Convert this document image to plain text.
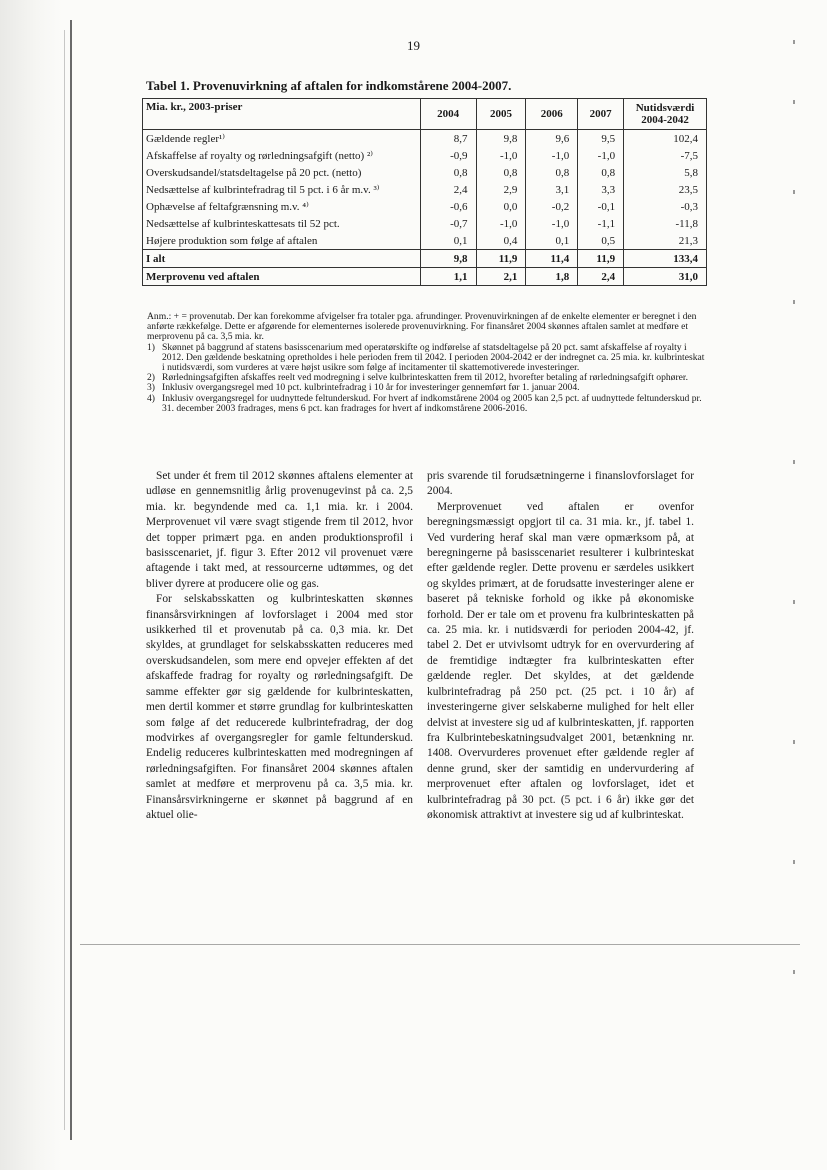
19
Tabel 1. Provenuvirkning af aftalen for indkomstårene 2004-2007.
Mia. kr., 2003-priser	2004	2005	2006	2007	Nutidsværdi 2004-2042
Gældende regler¹⁾	8,7	9,8	9,6	9,5	102,4
Afskaffelse af royalty og rørledningsafgift (netto) ²⁾	-0,9	-1,0	-1,0	-1,0	-7,5
Overskudsandel/statsdeltagelse på 20 pct. (netto)	0,8	0,8	0,8	0,8	5,8
Nedsættelse af kulbrintefradrag til 5 pct. i 6 år m.v. ³⁾	2,4	2,9	3,1	3,3	23,5
Ophævelse af feltafgrænsning m.v. ⁴⁾	-0,6	0,0	-0,2	-0,1	-0,3
Nedsættelse af kulbrinteskattesats til 52 pct.	-0,7	-1,0	-1,0	-1,1	-11,8
Højere produktion som følge af aftalen	0,1	0,4	0,1	0,5	21,3
I alt	9,8	11,9	11,4	11,9	133,4
Merprovenu ved aftalen	1,1	2,1	1,8	2,4	31,0

Anm.: + = provenutab. Der kan forekomme afvigelser fra totaler pga. afrundinger. Provenuvirkningen af de enkelte elementer er beregnet i den anførte rækkefølge. Dette er afgørende for elementernes isolerede provenuvirkning. For finansåret 2004 skønnes aftalen samlet at medføre et merprovenu på ca. 3,5 mia. kr.

1) Skønnet på baggrund af statens basisscenarium med operatørskifte og indførelse af statsdeltagelse på 20 pct. samt afskaffelse af royalty i 2012. Den gældende beskatning opretholdes i hele perioden frem til 2042. I perioden 2004-2042 er der indregnet ca. 25 mia. kr. kulbrinteskat i nutidsværdi, som vurderes at være højst usikre som følge af incitamenter til skattemotiverede investeringer.
2) Rørledningsafgiften afskaffes reelt ved modregning i selve kulbrinteskatten frem til 2012, hvorefter betaling af rørledningsafgift ophører.
3) Inklusiv overgangsregel med 10 pct. kulbrintefradrag i 10 år for investeringer gennemført før 1. januar 2004.
4) Inklusiv overgangsregel for uudnyttede feltunderskud. For hvert af indkomstårene 2004 og 2005 kan 2,5 pct. af uudnyttede feltunderskud pr. 31. december 2003 fradrages, mens 6 pct. kan fradrages for hvert af indkomstårene 2006-2016.

Set under ét frem til 2012 skønnes aftalens elementer at udløse en gennemsnitlig årlig provenugevinst på ca. 2,5 mia. kr. begyndende med ca. 1,1 mia. kr. i 2004. Merprovenuet vil være svagt stigende frem til 2012, hvor det topper primært pga. en anden produktionsprofil i basisscenariet, jf. figur 3. Efter 2012 vil provenuet være aftagende i takt med, at ressourcerne udtømmes, og det bliver dyrere at producere olie og gas.

For selskabsskatten og kulbrinteskatten skønnes finansårsvirkningen af lovforslaget i 2004 med stor usikkerhed til et provenutab på ca. 0,3 mia. kr. Det skyldes, at grundlaget for selskabsskatten reduceres med overskudsandelen, som mere end opvejer effekten af det afskaffede fradrag for royalty og rørledningsafgift. De samme effekter gør sig gældende for kulbrinteskatten, men dertil kommer et større grundlag for kulbrinteskatten som følge af det reducerede kulbrintefradrag, der dog modvirkes af overgangsregler for gamle feltunderskud. Endelig reduceres kulbrinteskatten med modregningen af rørledningsafgiften. For finansåret 2004 skønnes aftalen samlet at medføre et merprovenu på ca. 3,5 mia. kr. Finansårsvirkningerne er skønnet på baggrund af en aktuel olie-

pris svarende til forudsætningerne i finanslovforslaget for 2004.

Merprovenuet ved aftalen er ovenfor beregningsmæssigt opgjort til ca. 31 mia. kr., jf. tabel 1. Ved vurdering heraf skal man være opmærksom på, at beregningerne på basisscenariet resulterer i kulbrinteskat efter gældende regler. Dette provenu er særdeles usikkert og skyldes primært, at de forudsatte investeringer alene er baseret på tekniske forhold og ikke på økonomiske forhold. Der er tale om et provenu fra kulbrinteskatten på ca. 25 mia. kr. i nutidsværdi for perioden 2004-42, jf. tabel 2. Det er utvivlsomt udtryk for en overvurdering af de fremtidige indtægter fra kulbrinteskatten efter gældende regler. Det skyldes, at det gældende kulbrintefradrag på 250 pct. (25 pct. i 10 år) af investeringerne giver selskaberne mulighed for helt eller delvist at investere sig ud af kulbrinteskatten, jf. rapporten fra Kulbrintebeskatningsudvalget 2001, betænkning nr. 1408. Overvurderes provenuet efter gældende regler af denne grund, sker der samtidig en undervurdering af merprovenuet efter aftalen og lovforslaget, idet et kulbrintefradrag på 30 pct. (5 pct. i 6 år) ikke gør det økonomisk attraktivt at investere sig ud af kulbrinteskat.
